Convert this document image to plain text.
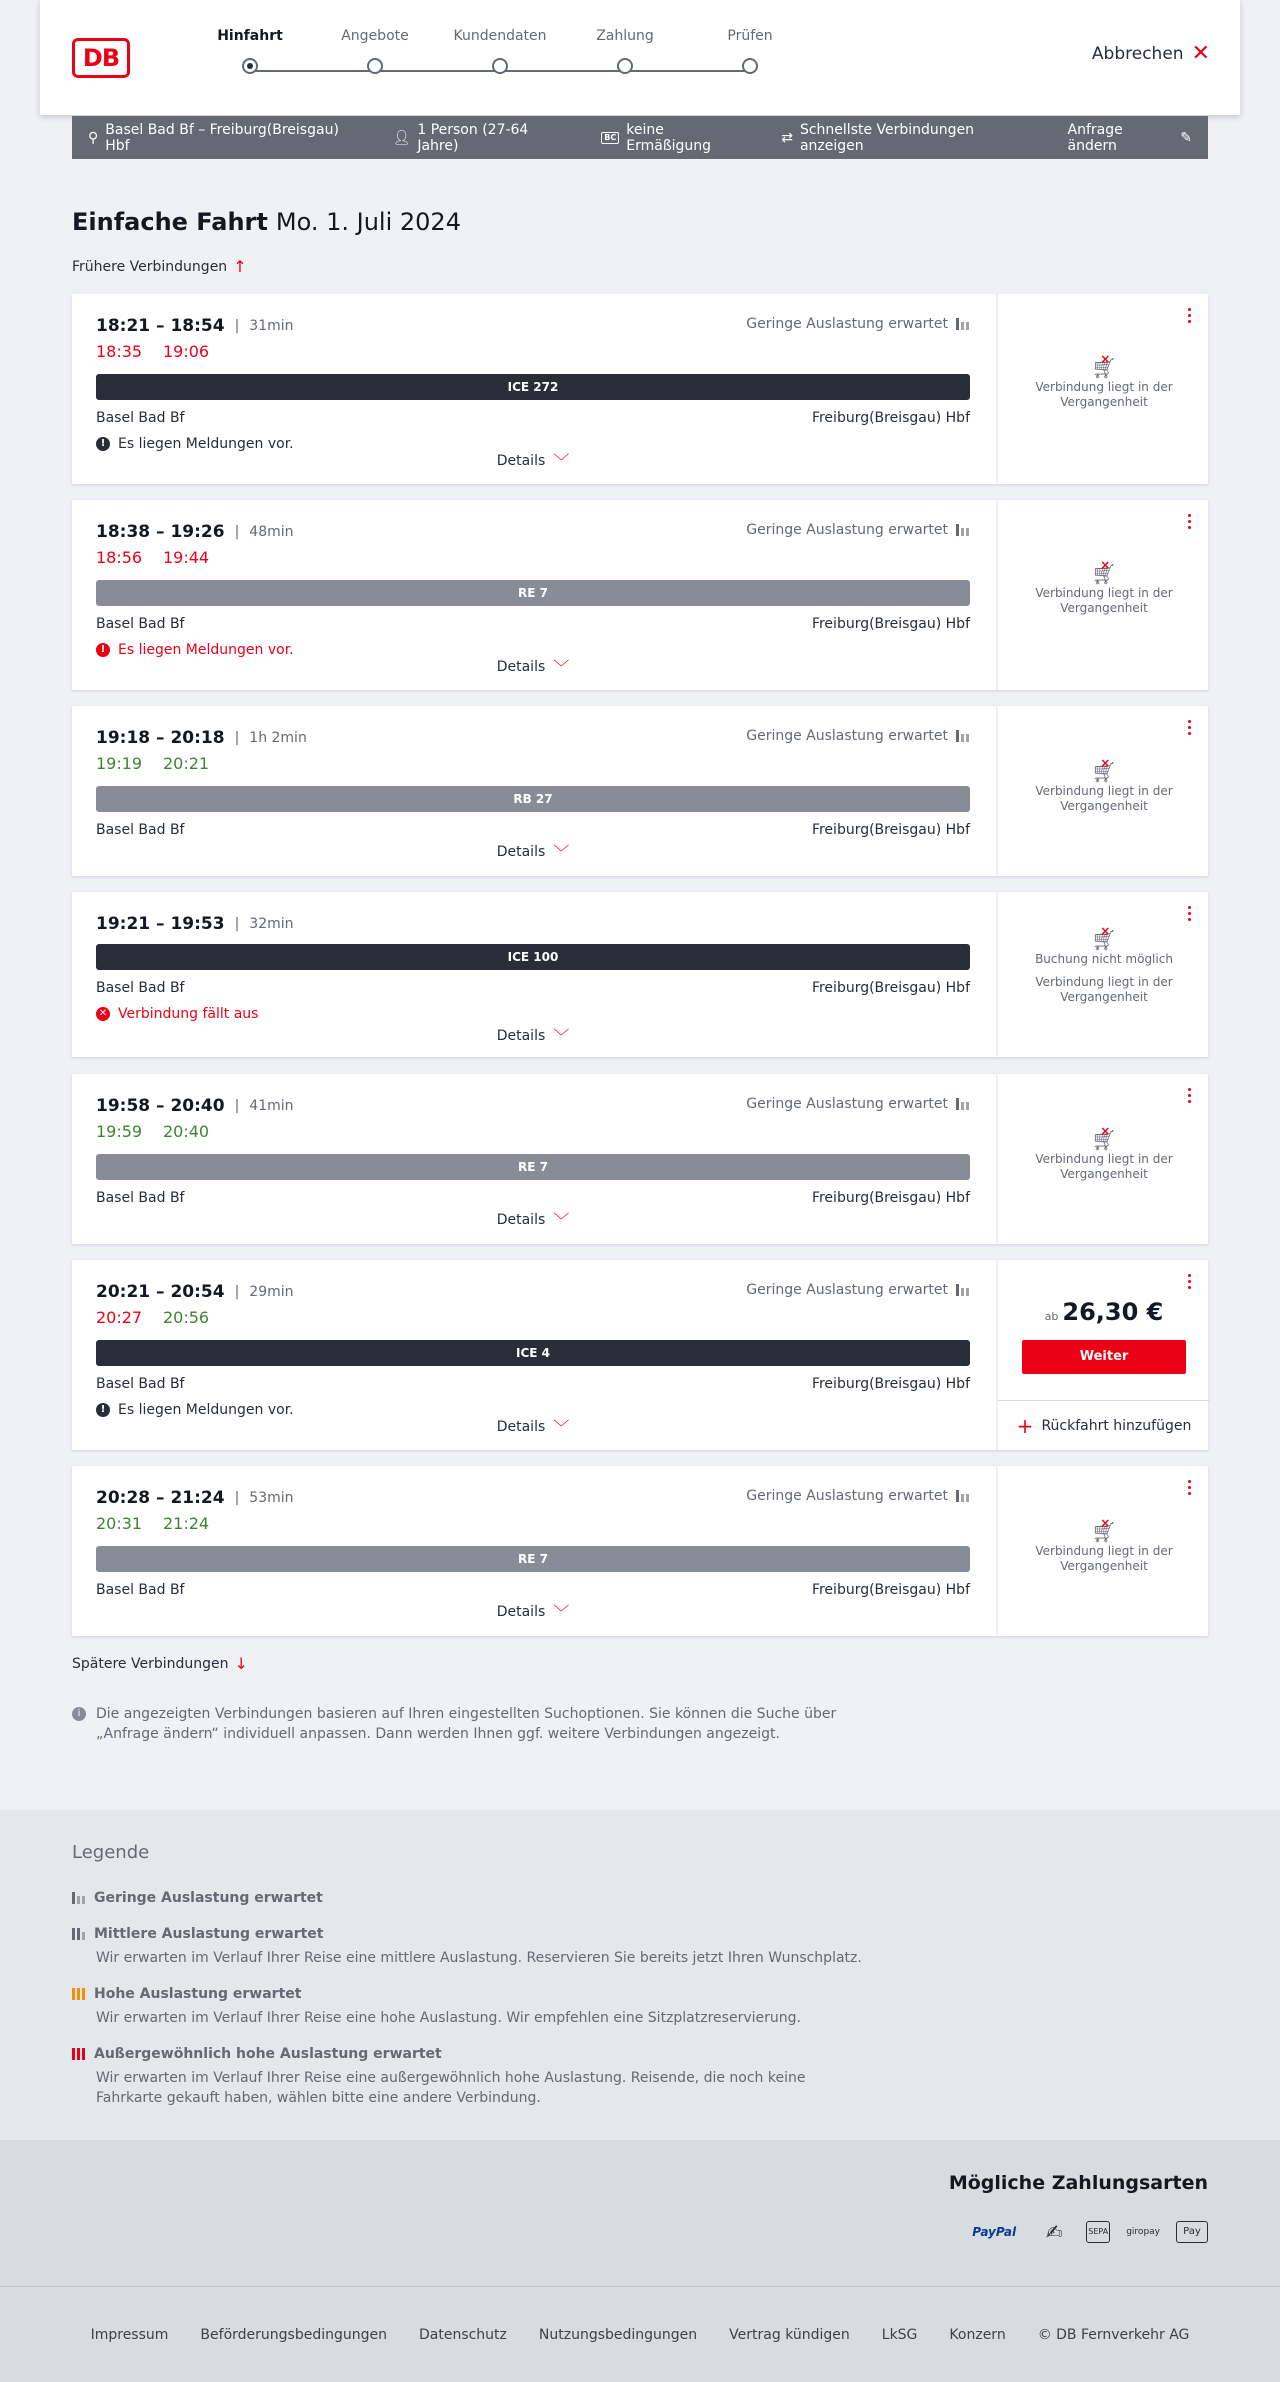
DB
Hinfahrt	Angebote	Kundendaten	Zahlung	Prüfen
Abbrechen ✕
⚲ Basel Bad Bf – Freiburg(Breisgau) Hbf	👤︎ 1 Person (27-64 Jahre)
BC keine Ermäßigung	⇄ Schnellste Verbindungen anzeigen
Anfrage ändern	✎
Einfache Fahrt Mo. 1. Juli 2024
Frühere Verbindungen ↑
18:21 – 18:54 | 31min	Geringe Auslastung erwartet
18:35 19:06
ICE 272
Basel Bad Bf	Freiburg(Breisgau) Hbf
! Es liegen Meldungen vor.
Details ﹀
🛒︎ ×
Verbindung liegt in der Vergangenheit
18:38 – 19:26 | 48min	Geringe Auslastung erwartet
18:56 19:44
RE 7
Basel Bad Bf	Freiburg(Breisgau) Hbf
! Es liegen Meldungen vor.
Details ﹀
🛒︎ ×
Verbindung liegt in der Vergangenheit
19:18 – 20:18 | 1h 2min	Geringe Auslastung erwartet
19:19 20:21
RB 27
Basel Bad Bf	Freiburg(Breisgau) Hbf
Details ﹀
🛒︎ ×
Verbindung liegt in der Vergangenheit
19:21 – 19:53 | 32min
ICE 100
Basel Bad Bf	Freiburg(Breisgau) Hbf
✕ Verbindung fällt aus
Details ﹀
🛒︎ ×
Buchung nicht möglich
Verbindung liegt in der Vergangenheit
19:58 – 20:40 | 41min	Geringe Auslastung erwartet
19:59 20:40
RE 7
Basel Bad Bf	Freiburg(Breisgau) Hbf
Details ﹀
🛒︎ ×
Verbindung liegt in der Vergangenheit
20:21 – 20:54 | 29min	Geringe Auslastung erwartet
20:27 20:56
ICE 4
Basel Bad Bf	Freiburg(Breisgau) Hbf
! Es liegen Meldungen vor.
Details ﹀
ab 26,30 €
Weiter
+ Rückfahrt hinzufügen
20:28 – 21:24 | 53min	Geringe Auslastung erwartet
20:31 21:24
RE 7
Basel Bad Bf	Freiburg(Breisgau) Hbf
Details ﹀
🛒︎ ×
Verbindung liegt in der Vergangenheit
Spätere Verbindungen ↓
i	Die angezeigten Verbindungen basieren auf Ihren eingestellten Suchoptionen. Sie können die Suche über „Anfrage ändern“ individuell anpassen. Dann werden Ihnen ggf. weitere Verbindungen angezeigt.
Legende
Geringe Auslastung erwartet
Mittlere Auslastung erwartet
Wir erwarten im Verlauf Ihrer Reise eine mittlere Auslastung. Reservieren Sie bereits jetzt Ihren Wunschplatz.
Hohe Auslastung erwartet
Wir erwarten im Verlauf Ihrer Reise eine hohe Auslastung. Wir empfehlen eine Sitzplatzreservierung.
Außergewöhnlich hohe Auslastung erwartet
Wir erwarten im Verlauf Ihrer Reise eine außergewöhnlich hohe Auslastung. Reisende, die noch keine Fahrkarte gekauft haben, wählen bitte eine andere Verbindung.
Mögliche Zahlungsarten
PayPal	✍	SEPA giropay	Pay
Impressum Beförderungsbedingungen Datenschutz Nutzungsbedingungen Vertrag kündigen LkSG Konzern © DB Fernverkehr AG
